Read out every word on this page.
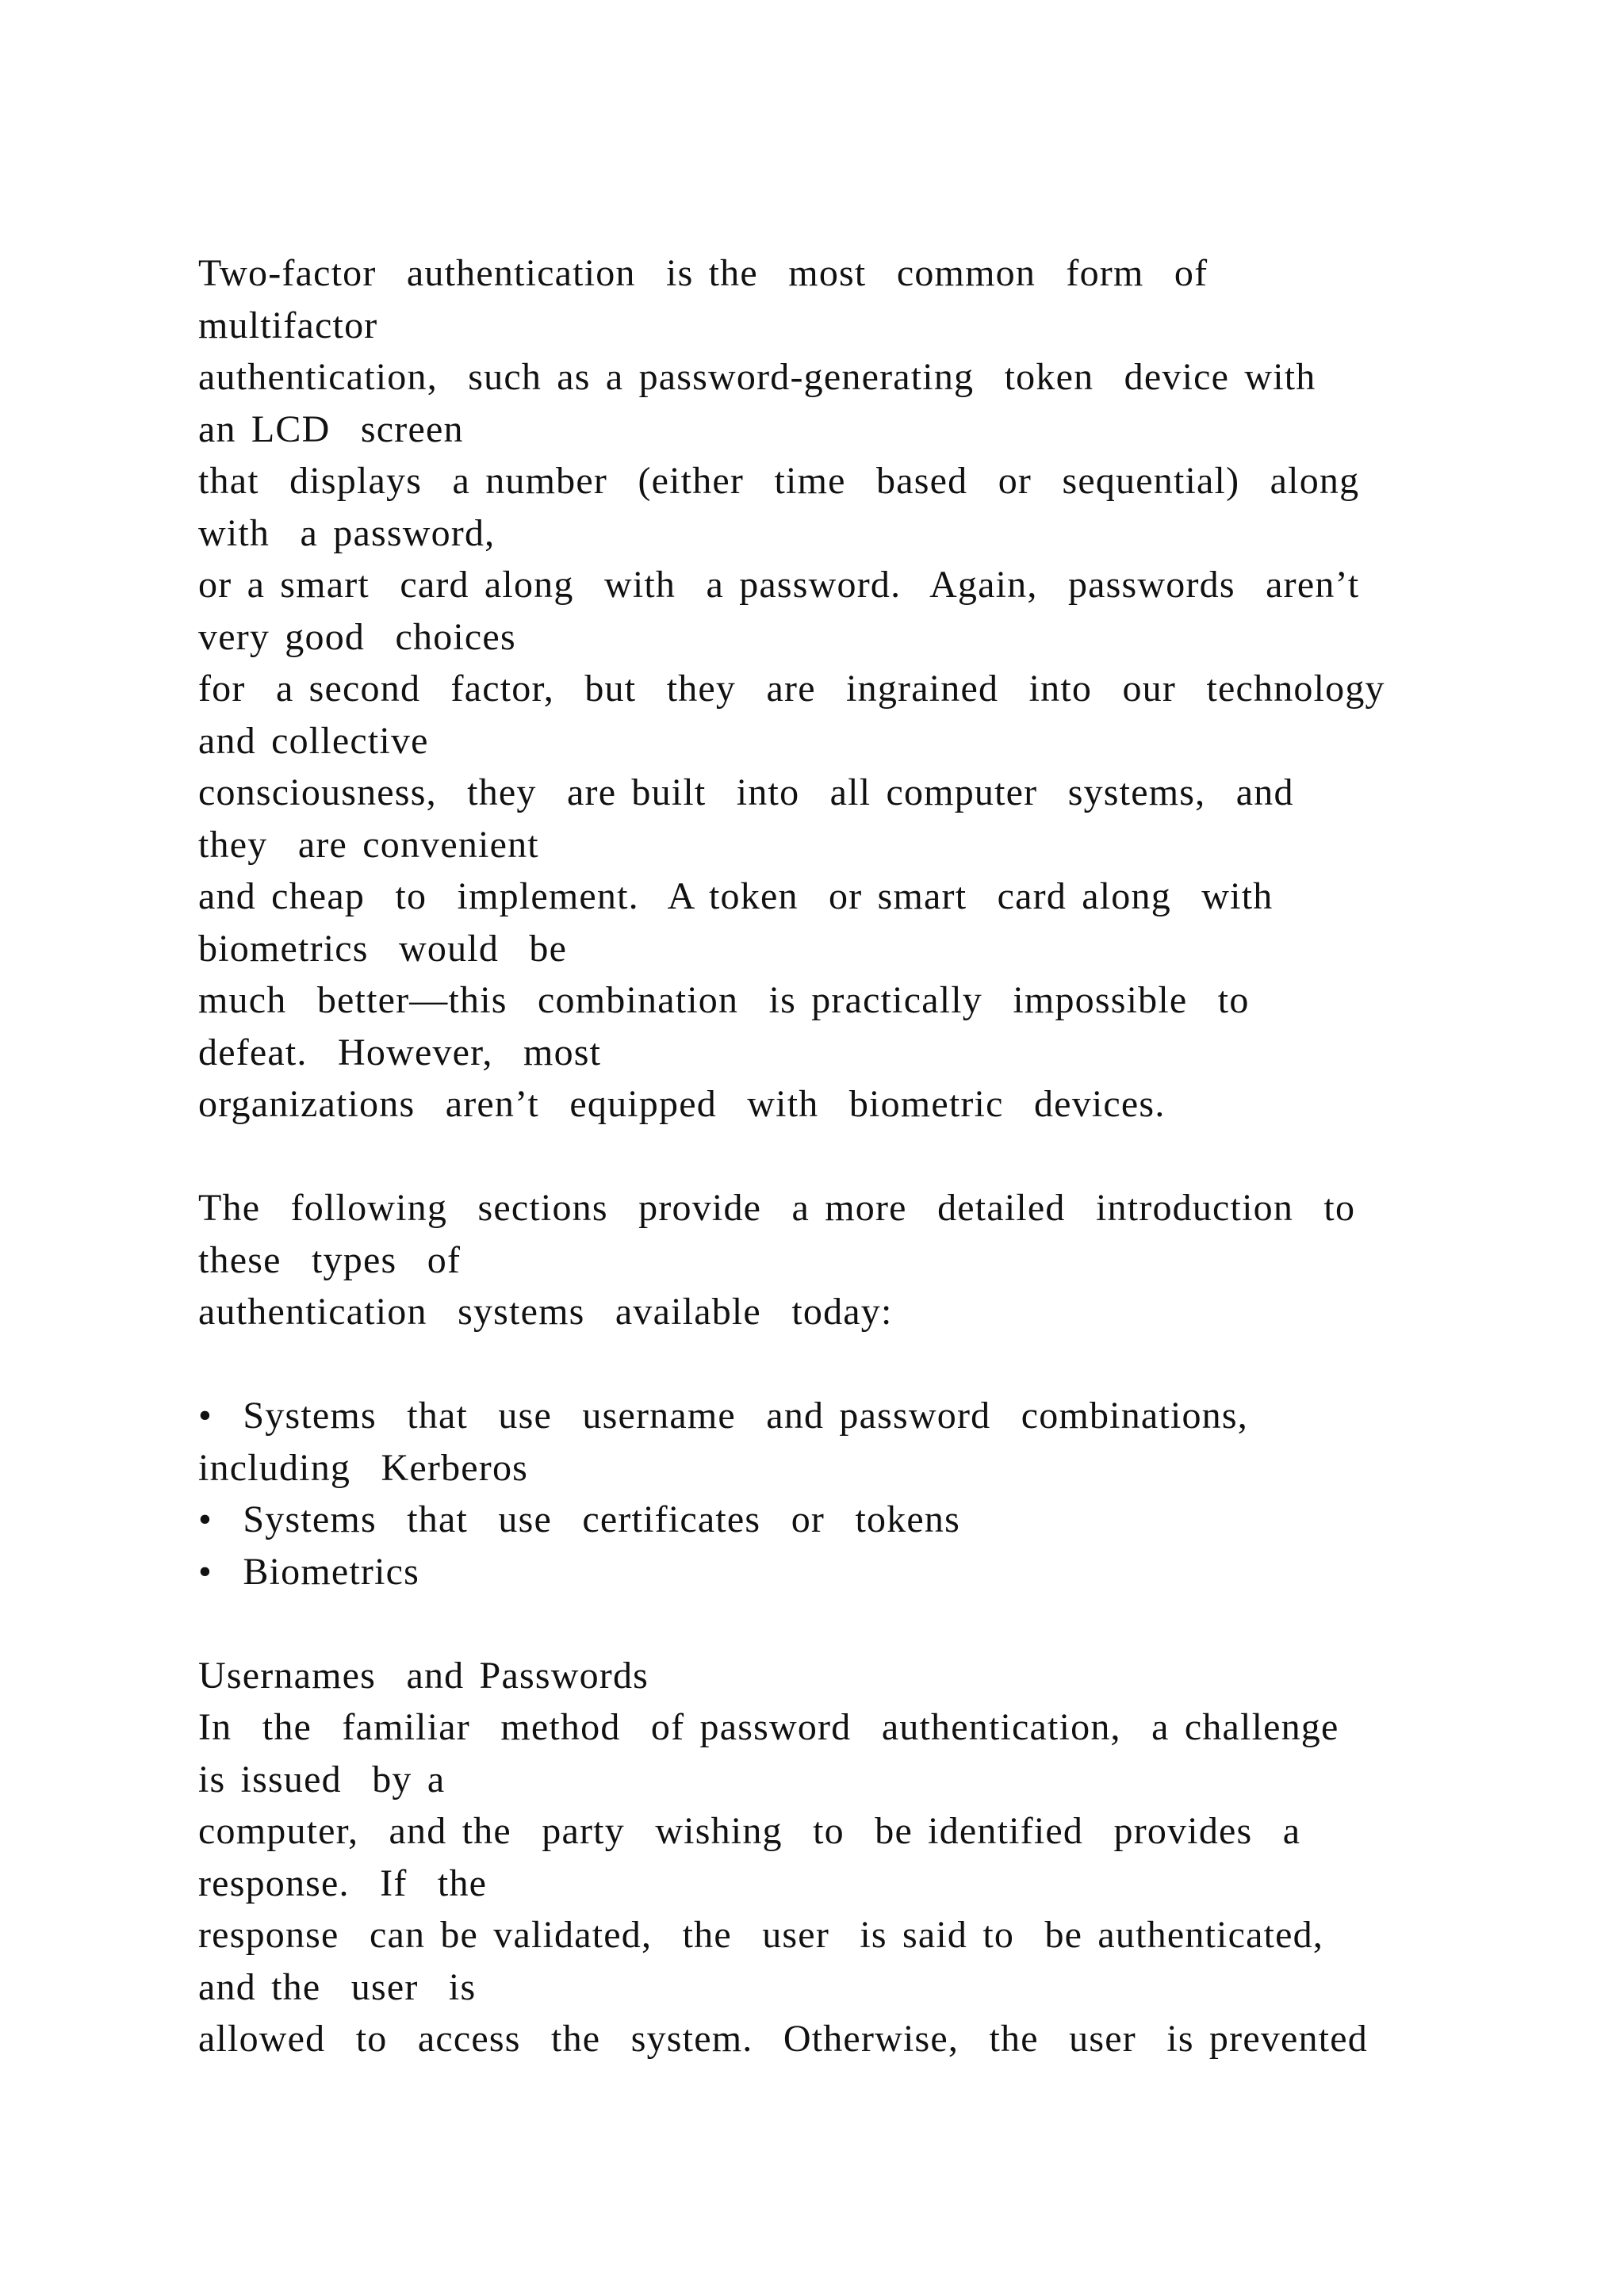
Two-factor  authentication  is the  most  common  form  of
multifactor
authentication,  such as a password-generating  token  device with
an LCD  screen
that  displays  a number  (either  time  based  or  sequential)  along
with  a password,
or a smart  card along  with  a password.  Again,  passwords  aren’t
very good  choices
for  a second  factor,  but  they  are  ingrained  into  our  technology
and collective
consciousness,  they  are built  into  all computer  systems,  and
they  are convenient
and cheap  to  implement.  A token  or smart  card along  with
biometrics  would  be
much  better—this  combination  is practically  impossible  to
defeat.  However,  most
organizations  aren’t  equipped  with  biometric  devices.
The  following  sections  provide  a more  detailed  introduction  to
these  types  of
authentication  systems  available  today:
•  Systems  that  use  username  and password  combinations,
including  Kerberos
•  Systems  that  use  certificates  or  tokens
•  Biometrics
Usernames  and Passwords
In  the  familiar  method  of password  authentication,  a challenge
is issued  by a
computer,  and the  party  wishing  to  be identified  provides  a
response.  If  the
response  can be validated,  the  user  is said to  be authenticated,
and the  user  is
allowed  to  access  the  system.  Otherwise,  the  user  is prevented
